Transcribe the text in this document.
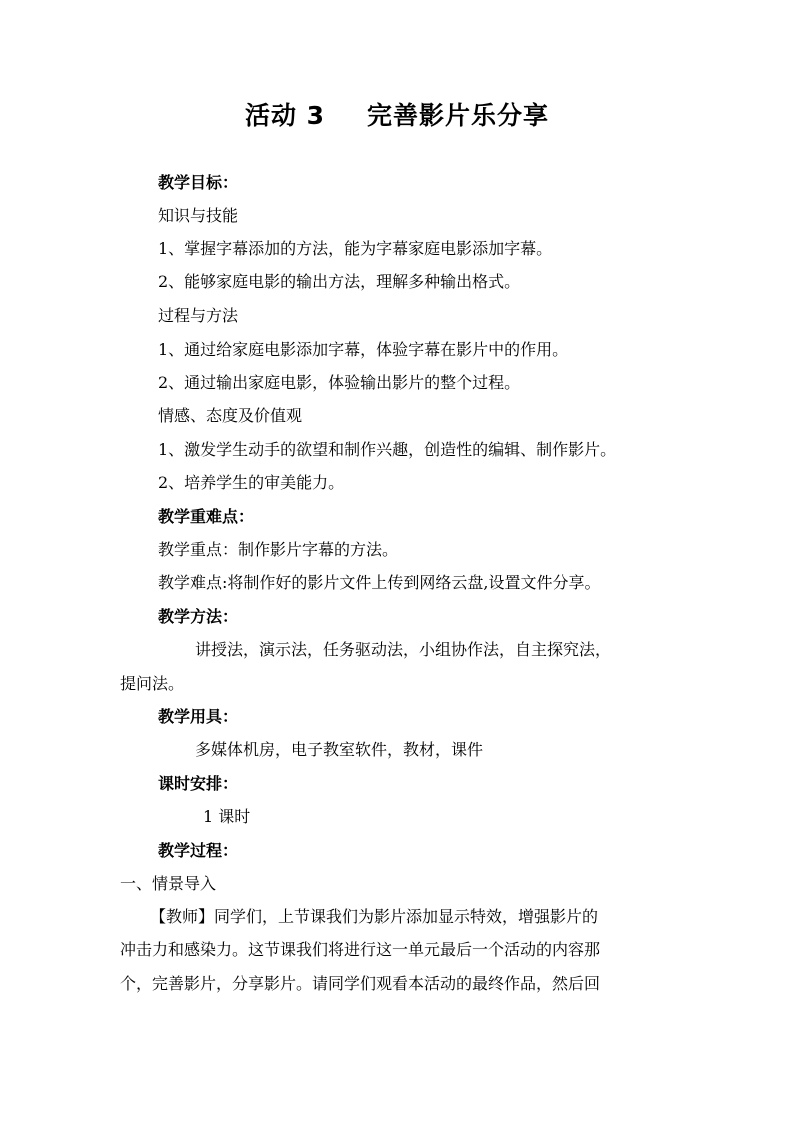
活动 3 完善影片乐分享
教学目标：
知识与技能
1、掌握字幕添加的方法，能为字幕家庭电影添加字幕。
2、能够家庭电影的输出方法，理解多种输出格式。
过程与方法
1、通过给家庭电影添加字幕，体验字幕在影片中的作用。
2、通过输出家庭电影，体验输出影片的整个过程。
情感、态度及价值观
1、激发学生动手的欲望和制作兴趣，创造性的编辑、制作影片。
2、培养学生的审美能力。
教学重难点：
教学重点：制作影片字幕的方法。
教学难点:将制作好的影片文件上传到网络云盘,设置文件分享。
教学方法：
讲授法，演示法，任务驱动法，小组协作法，自主探究法，
提问法。
教学用具：
多媒体机房，电子教室软件，教材，课件
课时安排：
1 课时
教学过程：
一、情景导入
【教师】同学们，上节课我们为影片添加显示特效，增强影片的
冲击力和感染力。这节课我们将进行这一单元最后一个活动的内容那
个，完善影片，分享影片。请同学们观看本活动的最终作品，然后回
